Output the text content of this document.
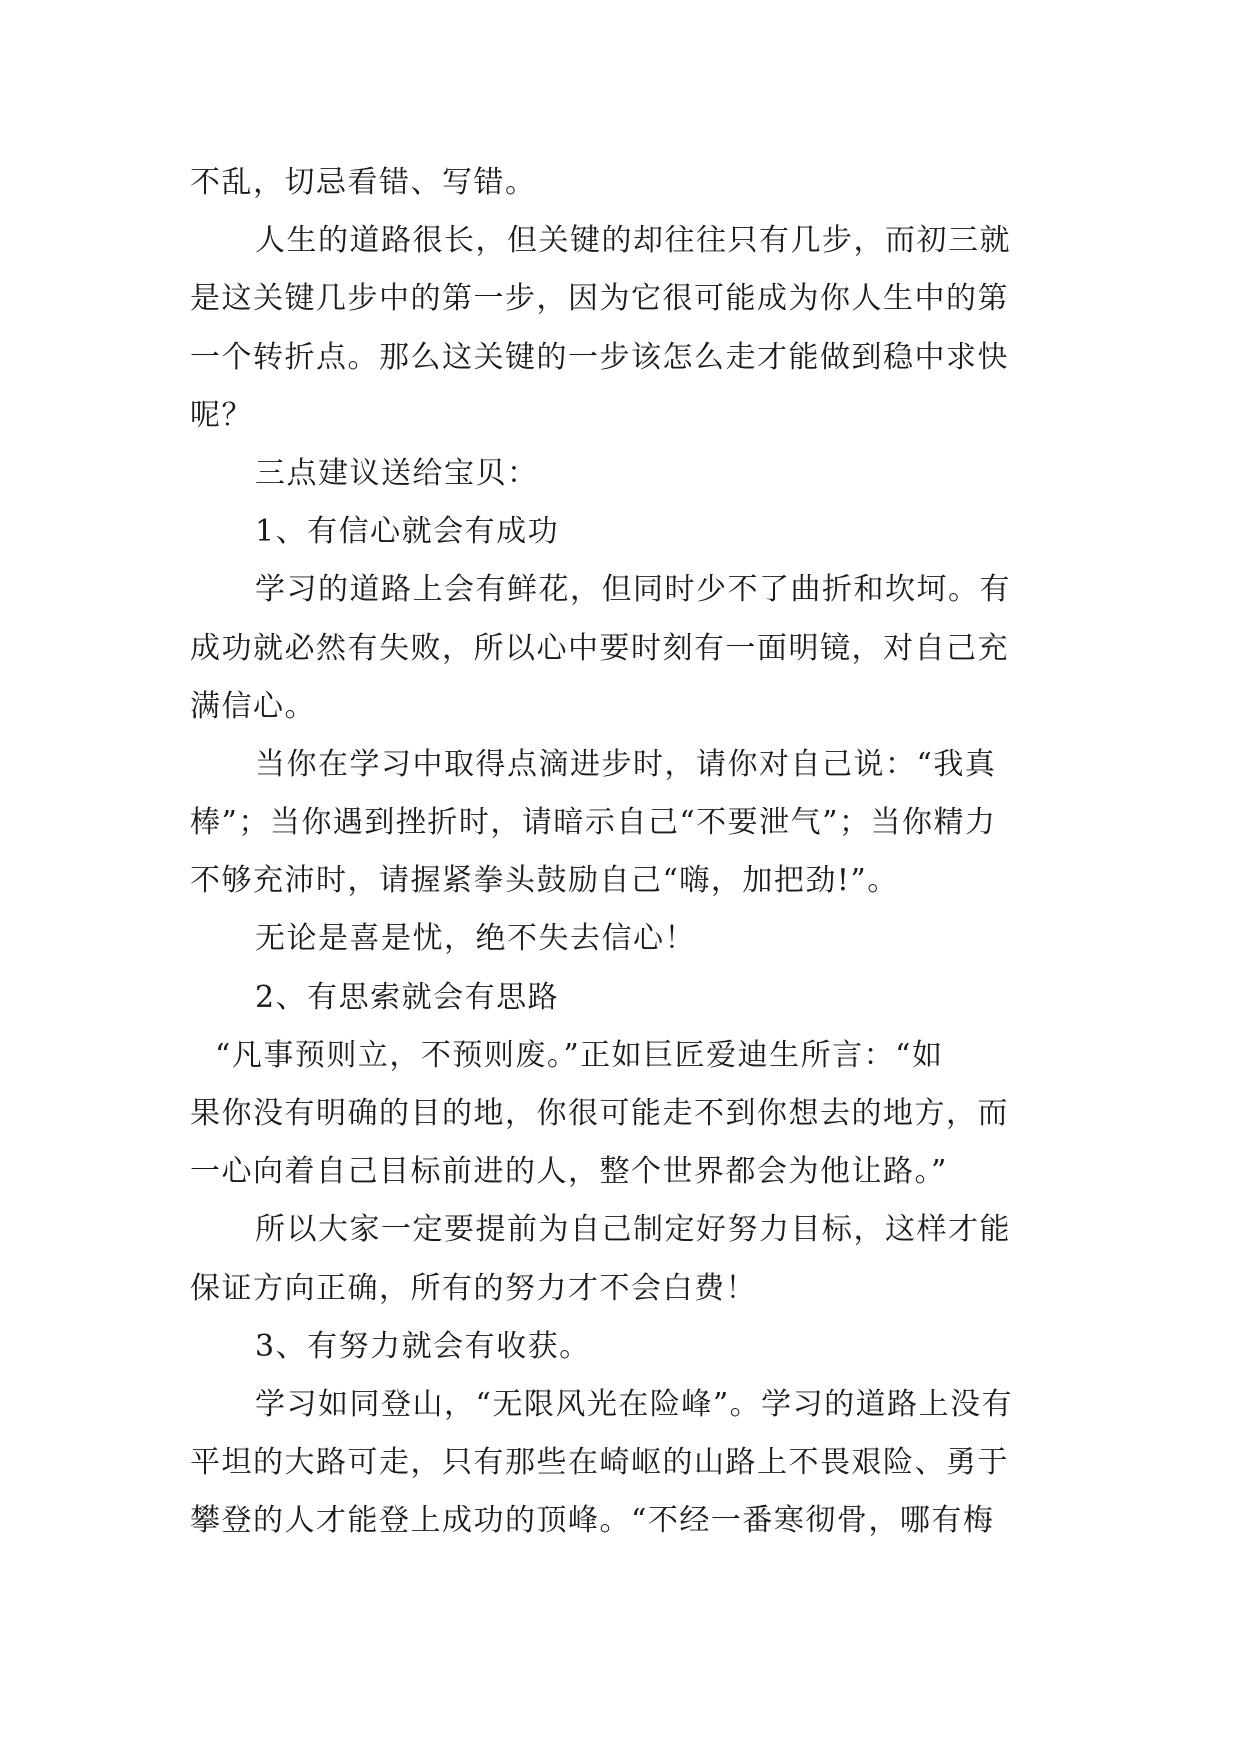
不乱，切忌看错、写错。
人生的道路很长，但关键的却往往只有几步，而初三就
是这关键几步中的第一步，因为它很可能成为你人生中的第
一个转折点。那么这关键的一步该怎么走才能做到稳中求快
呢？
三点建议送给宝贝：
1、有信心就会有成功
学习的道路上会有鲜花，但同时少不了曲折和坎坷。有
成功就必然有失败，所以心中要时刻有一面明镜，对自己充
满信心。
当你在学习中取得点滴进步时，请你对自己说：“我真
棒”；当你遇到挫折时，请暗示自己“不要泄气”；当你精力
不够充沛时，请握紧拳头鼓励自己“嗨，加把劲!”。
无论是喜是忧，绝不失去信心！
2、有思索就会有思路
“凡事预则立，不预则废。”正如巨匠爱迪生所言：“如
果你没有明确的目的地，你很可能走不到你想去的地方，而
一心向着自己目标前进的人，整个世界都会为他让路。”
所以大家一定要提前为自己制定好努力目标，这样才能
保证方向正确，所有的努力才不会白费！
3、有努力就会有收获。
学习如同登山，“无限风光在险峰”。学习的道路上没有
平坦的大路可走，只有那些在崎岖的山路上不畏艰险、勇于
攀登的人才能登上成功的顶峰。“不经一番寒彻骨，哪有梅
